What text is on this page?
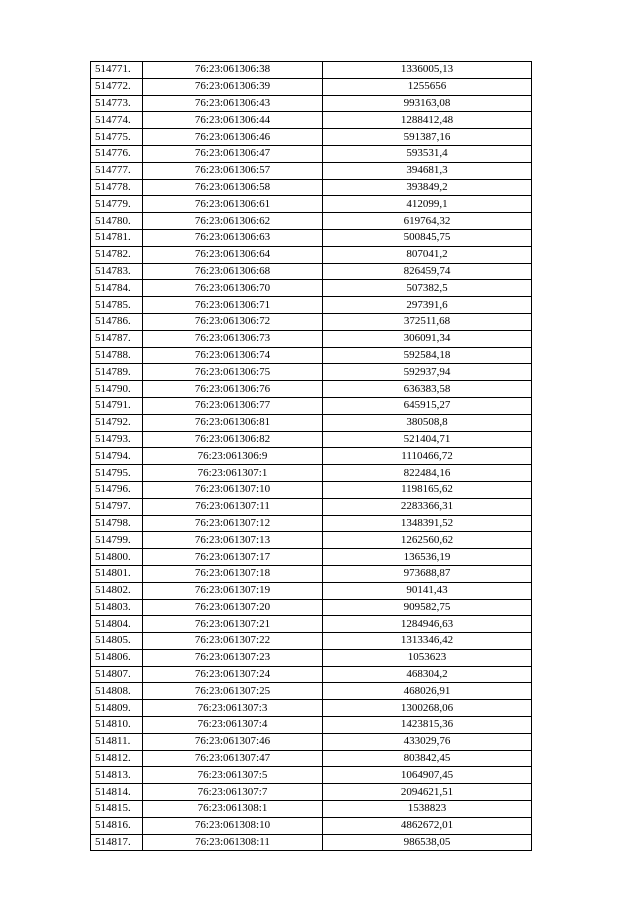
514771.	76:23:061306:38	1336005,13
514772.	76:23:061306:39	1255656
514773.	76:23:061306:43	993163,08
514774.	76:23:061306:44	1288412,48
514775.	76:23:061306:46	591387,16
514776.	76:23:061306:47	593531,4
514777.	76:23:061306:57	394681,3
514778.	76:23:061306:58	393849,2
514779.	76:23:061306:61	412099,1
514780.	76:23:061306:62	619764,32
514781.	76:23:061306:63	500845,75
514782.	76:23:061306:64	807041,2
514783.	76:23:061306:68	826459,74
514784.	76:23:061306:70	507382,5
514785.	76:23:061306:71	297391,6
514786.	76:23:061306:72	372511,68
514787.	76:23:061306:73	306091,34
514788.	76:23:061306:74	592584,18
514789.	76:23:061306:75	592937,94
514790.	76:23:061306:76	636383,58
514791.	76:23:061306:77	645915,27
514792.	76:23:061306:81	380508,8
514793.	76:23:061306:82	521404,71
514794.	76:23:061306:9	1110466,72
514795.	76:23:061307:1	822484,16
514796.	76:23:061307:10	1198165,62
514797.	76:23:061307:11	2283366,31
514798.	76:23:061307:12	1348391,52
514799.	76:23:061307:13	1262560,62
514800.	76:23:061307:17	136536,19
514801.	76:23:061307:18	973688,87
514802.	76:23:061307:19	90141,43
514803.	76:23:061307:20	909582,75
514804.	76:23:061307:21	1284946,63
514805.	76:23:061307:22	1313346,42
514806.	76:23:061307:23	1053623
514807.	76:23:061307:24	468304,2
514808.	76:23:061307:25	468026,91
514809.	76:23:061307:3	1300268,06
514810.	76:23:061307:4	1423815,36
514811.	76:23:061307:46	433029,76
514812.	76:23:061307:47	803842,45
514813.	76:23:061307:5	1064907,45
514814.	76:23:061307:7	2094621,51
514815.	76:23:061308:1	1538823
514816.	76:23:061308:10	4862672,01
514817.	76:23:061308:11	986538,05
